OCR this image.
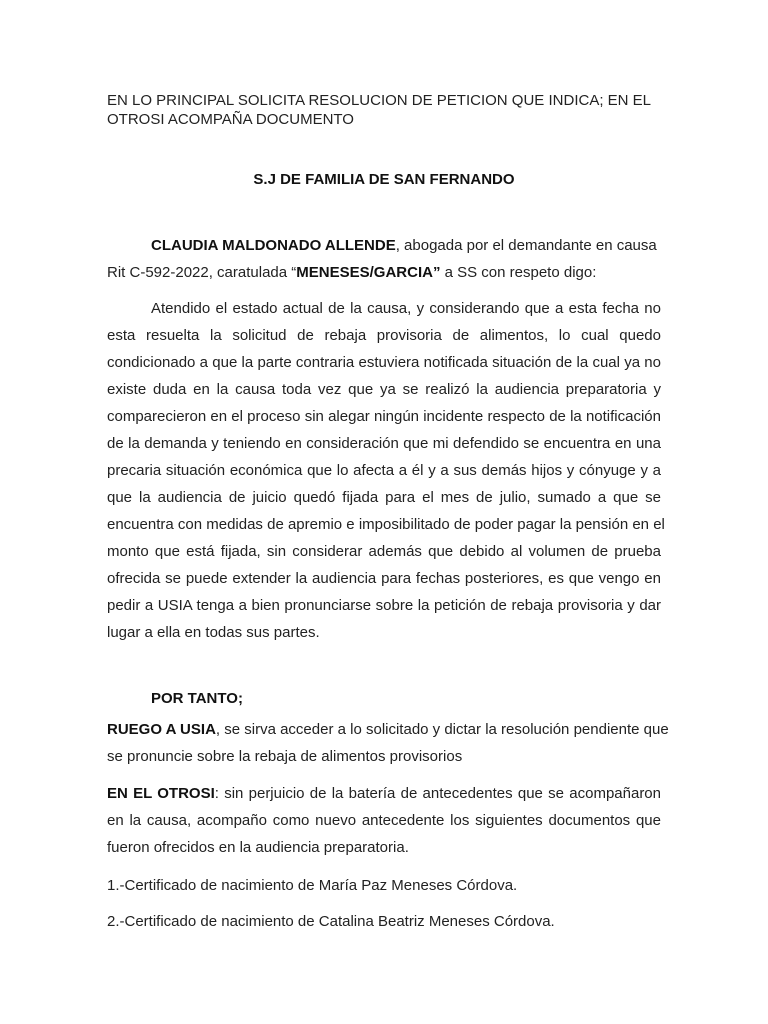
EN LO PRINCIPAL SOLICITA RESOLUCION DE PETICION QUE INDICA; EN EL
OTROSI ACOMPAÑA DOCUMENTO
S.J DE FAMILIA DE SAN FERNANDO
CLAUDIA MALDONADO ALLENDE, abogada por el demandante en causa
Rit C-592-2022, caratulada “MENESES/GARCIA” a SS con respeto digo:
Atendido el estado actual de la causa, y considerando que a esta fecha no
esta resuelta la solicitud de rebaja provisoria de alimentos, lo cual quedo
condicionado a que la parte contraria estuviera notificada situación de la cual ya no
existe duda en la causa toda vez que ya se realizó la audiencia preparatoria y
comparecieron en el proceso sin alegar ningún incidente respecto de la notificación
de la demanda y teniendo en consideración que mi defendido se encuentra en una
precaria situación económica que lo afecta a él y a sus demás hijos y cónyuge y a
que la audiencia de juicio quedó fijada para el mes de julio, sumado a que se
encuentra con medidas de apremio e imposibilitado de poder pagar la pensión en el
monto que está fijada, sin considerar además que debido al volumen de prueba
ofrecida se puede extender la audiencia para fechas posteriores, es que vengo en
pedir a USIA tenga a bien pronunciarse sobre la petición de rebaja provisoria y dar
lugar a ella en todas sus partes.
POR TANTO;
RUEGO A USIA, se sirva acceder a lo solicitado y dictar la resolución pendiente que
se pronuncie sobre la rebaja de alimentos provisorios
EN EL OTROSI: sin perjuicio de la batería de antecedentes que se acompañaron
en la causa, acompaño como nuevo antecedente los siguientes documentos que
fueron ofrecidos en la audiencia preparatoria.
1.-Certificado de nacimiento de María Paz Meneses Córdova.
2.-Certificado de nacimiento de Catalina Beatriz Meneses Córdova.
